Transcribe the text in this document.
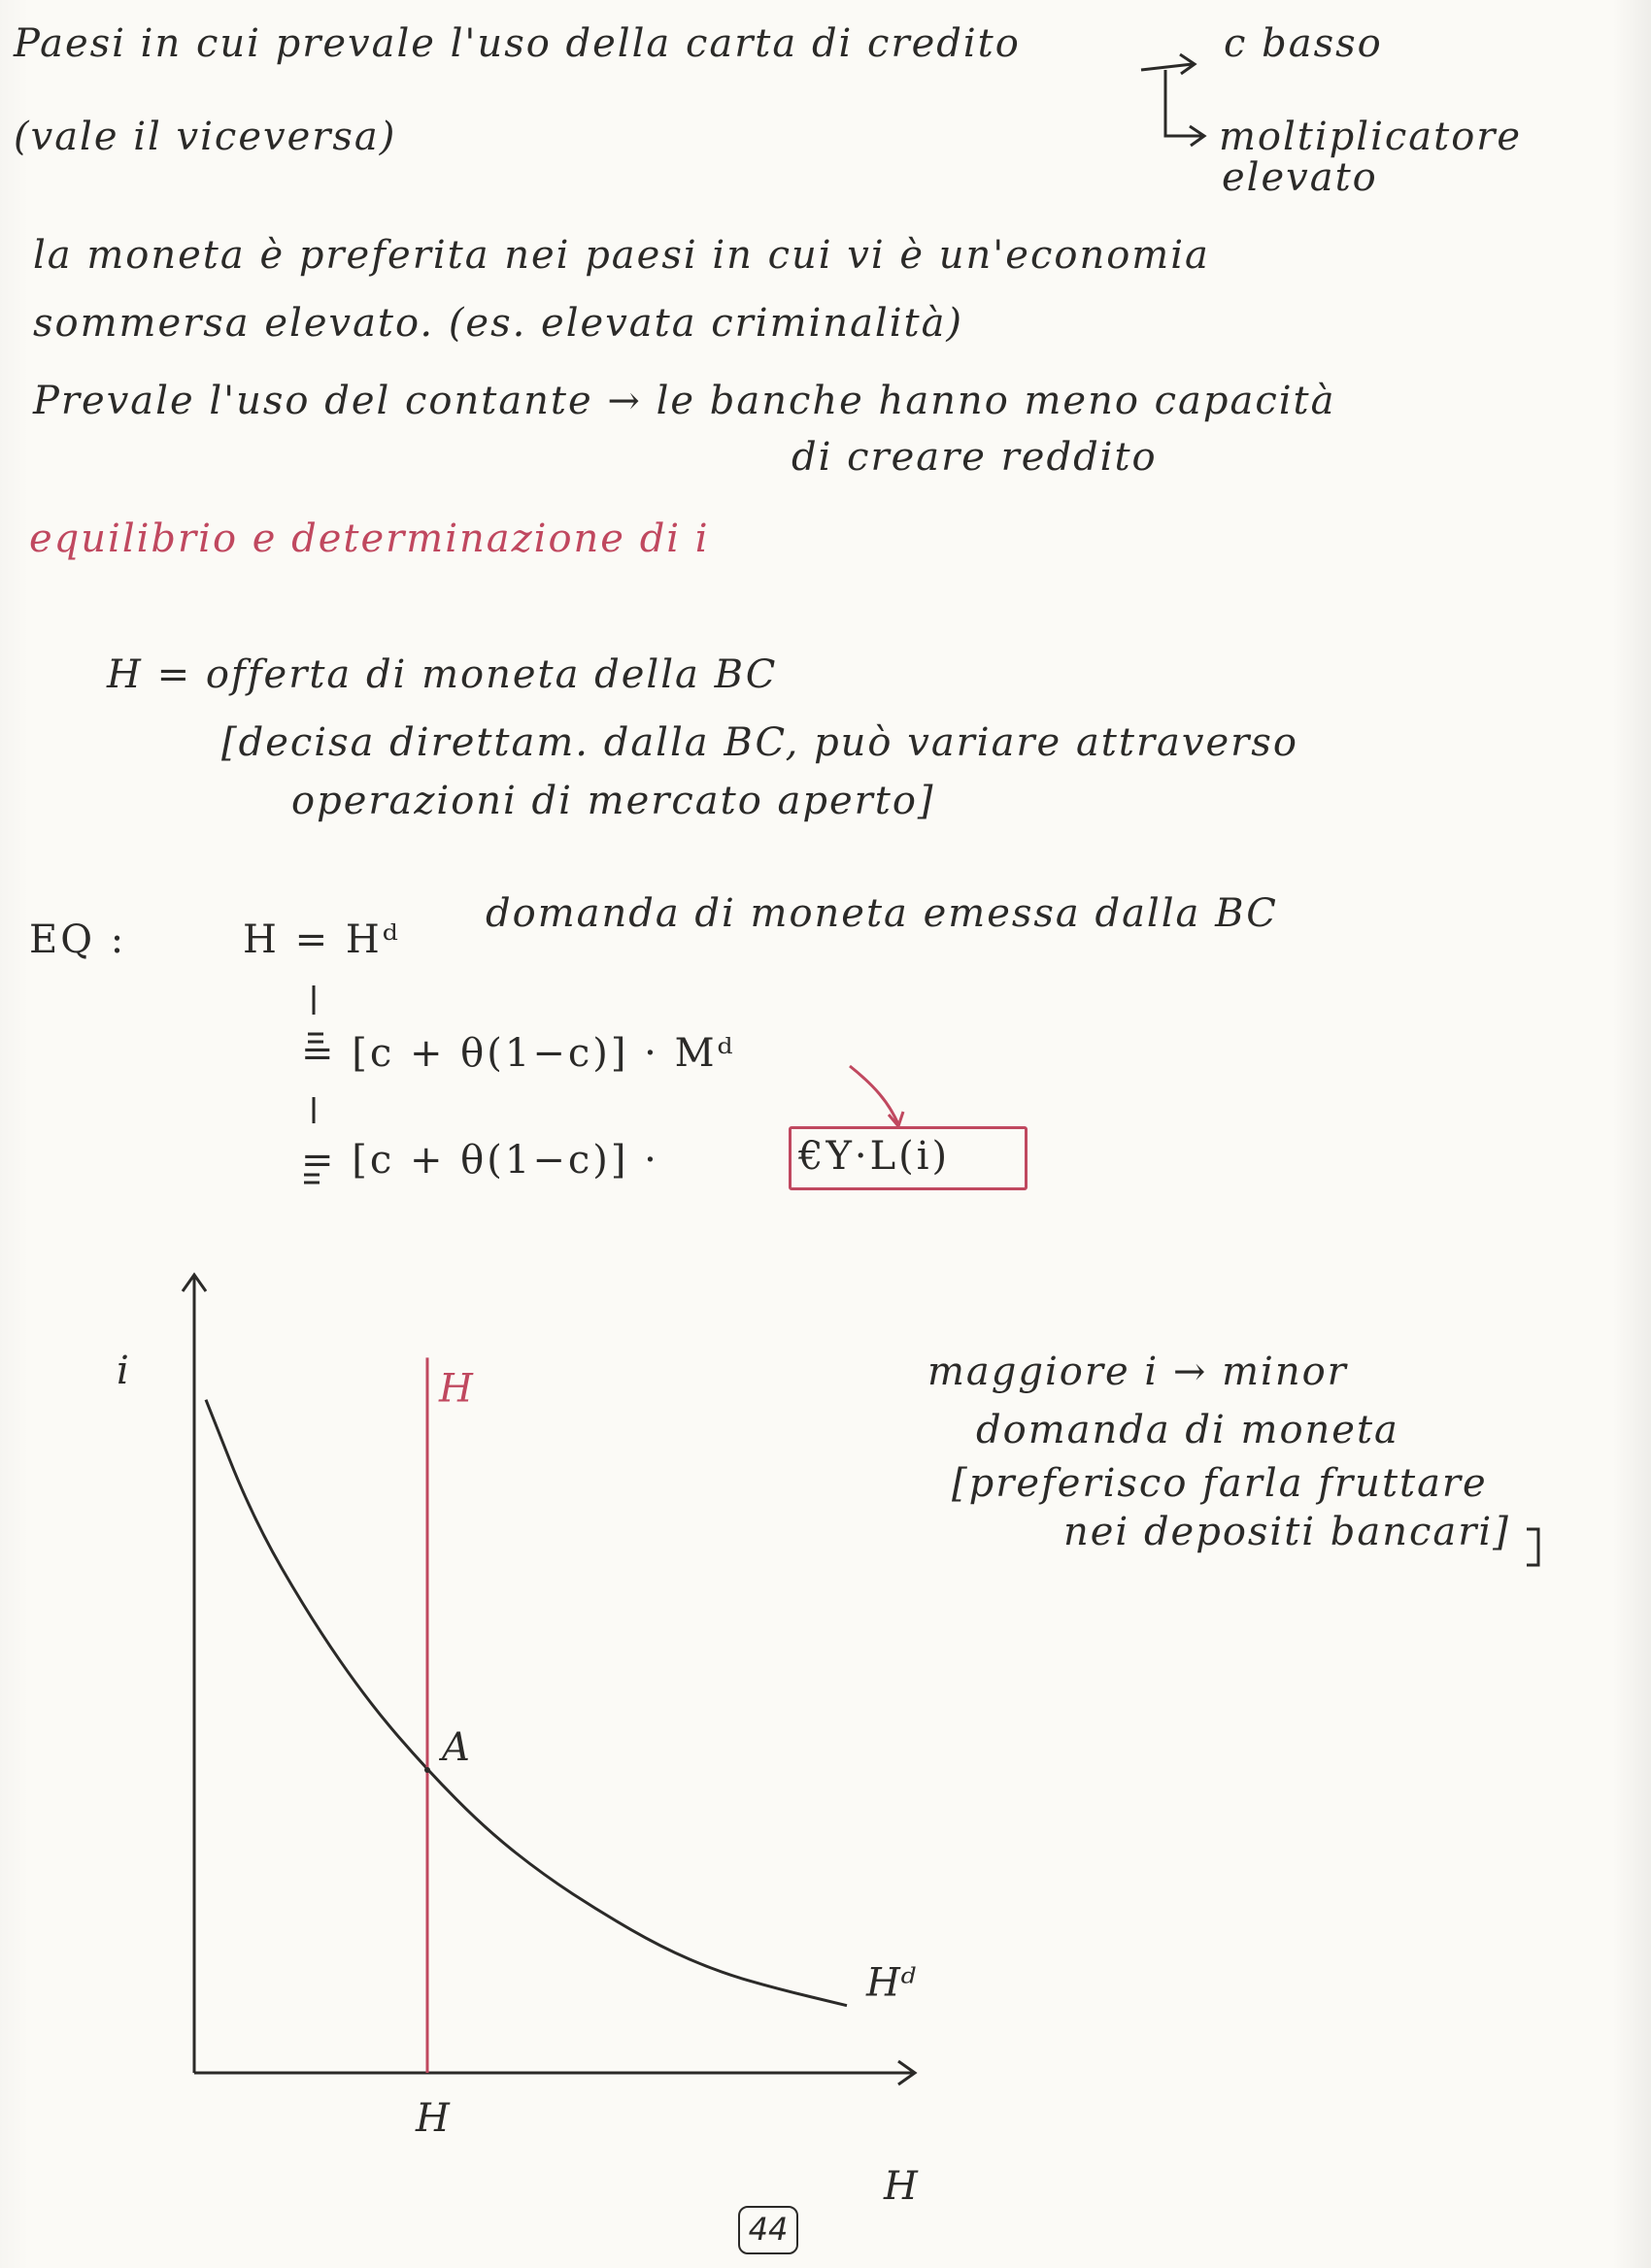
Paesi in cui prevale l'uso della carta di credito	c basso
(vale il viceversa)	moltiplicatore
elevato
la moneta è preferita nei paesi in cui vi è un'economia
sommersa elevato. (es. elevata criminalità)
Prevale l'uso del contante → le banche hanno meno capacità
di creare reddito
equilibrio e determinazione di i
H = offerta di moneta della BC
[decisa direttam. dalla BC, può variare attraverso
operazioni di mercato aperto]
EQ :	H = Hᵈ
domanda di moneta emessa dalla BC
= [c + θ(1−c)] · Mᵈ
= [c + θ(1−c)] ·	€Y·L(i)
maggiore i → minor
domanda di moneta
[preferisco farla fruttare
nei depositi bancari]
i
H
H
H
A
Hᵈ
44
